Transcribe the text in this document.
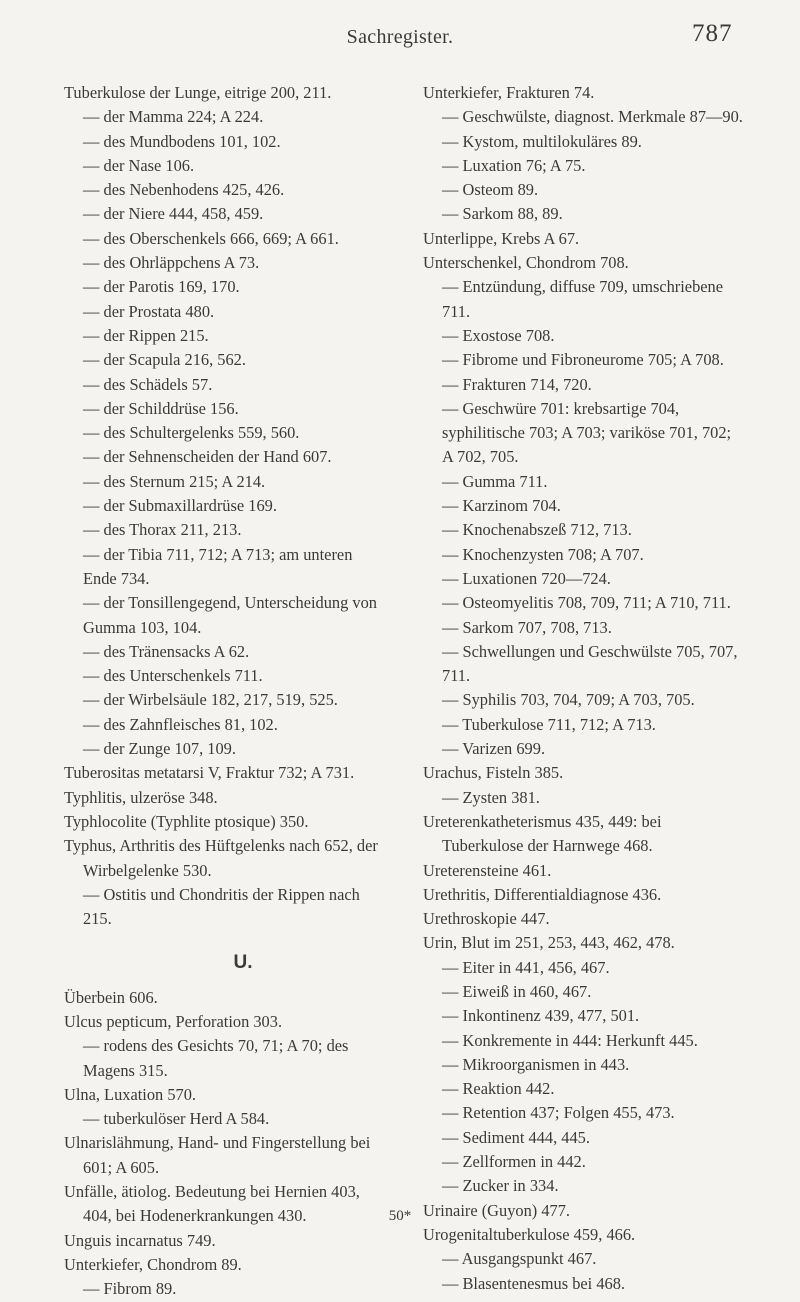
Sachregister.	787
Tuberkulose der Lunge, eitrige 200, 211.
— der Mamma 224; A 224.
— des Mundbodens 101, 102.
— der Nase 106.
— des Nebenhodens 425, 426.
— der Niere 444, 458, 459.
— des Oberschenkels 666, 669; A 661.
— des Ohrläppchens A 73.
— der Parotis 169, 170.
— der Prostata 480.
— der Rippen 215.
— der Scapula 216, 562.
— des Schädels 57.
— der Schilddrüse 156.
— des Schultergelenks 559, 560.
— der Sehnenscheiden der Hand 607.
— des Sternum 215; A 214.
— der Submaxillardrüse 169.
— des Thorax 211, 213.
— der Tibia 711, 712; A 713; am unteren Ende 734.
— der Tonsillengegend, Unterscheidung von Gumma 103, 104.
— des Tränensacks A 62.
— des Unterschenkels 711.
— der Wirbelsäule 182, 217, 519, 525.
— des Zahnfleisches 81, 102.
— der Zunge 107, 109.
Tuberositas metatarsi V, Fraktur 732; A 731.
Typhlitis, ulzeröse 348.
Typhlocolite (Typhlite ptosique) 350.
Typhus, Arthritis des Hüftgelenks nach 652, der Wirbelgelenke 530.
— Ostitis und Chondritis der Rippen nach 215.
U.
Überbein 606.
Ulcus pepticum, Perforation 303.
— rodens des Gesichts 70, 71; A 70; des Magens 315.
Ulna, Luxation 570.
— tuberkulöser Herd A 584.
Ulnarislähmung, Hand- und Fingerstellung bei 601; A 605.
Unfälle, ätiolog. Bedeutung bei Hernien 403, 404, bei Hodenerkrankungen 430.
Unguis incarnatus 749.
Unterkiefer, Chondrom 89.
— Fibrom 89.
Unterkiefer, Frakturen 74.
— Geschwülste, diagnost. Merkmale 87—90.
— Kystom, multilokuläres 89.
— Luxation 76; A 75.
— Osteom 89.
— Sarkom 88, 89.
Unterlippe, Krebs A 67.
Unterschenkel, Chondrom 708.
— Entzündung, diffuse 709, umschriebene 711.
— Exostose 708.
— Fibrome und Fibroneurome 705; A 708.
— Frakturen 714, 720.
— Geschwüre 701: krebsartige 704, syphilitische 703; A 703; variköse 701, 702; A 702, 705.
— Gumma 711.
— Karzinom 704.
— Knochenabszeß 712, 713.
— Knochenzysten 708; A 707.
— Luxationen 720—724.
— Osteomyelitis 708, 709, 711; A 710, 711.
— Sarkom 707, 708, 713.
— Schwellungen und Geschwülste 705, 707, 711.
— Syphilis 703, 704, 709; A 703, 705.
— Tuberkulose 711, 712; A 713.
— Varizen 699.
Urachus, Fisteln 385.
— Zysten 381.
Ureterenkatheterismus 435, 449: bei Tuberkulose der Harnwege 468.
Ureterensteine 461.
Urethritis, Differentialdiagnose 436.
Urethroskopie 447.
Urin, Blut im 251, 253, 443, 462, 478.
— Eiter in 441, 456, 467.
— Eiweiß in 460, 467.
— Inkontinenz 439, 477, 501.
— Konkremente in 444: Herkunft 445.
— Mikroorganismen in 443.
— Reaktion 442.
— Retention 437; Folgen 455, 473.
— Sediment 444, 445.
— Zellformen in 442.
— Zucker in 334.
Urinaire (Guyon) 477.
Urogenitaltuberkulose 459, 466.
— Ausgangspunkt 467.
— Blasentenesmus bei 468.
50*
